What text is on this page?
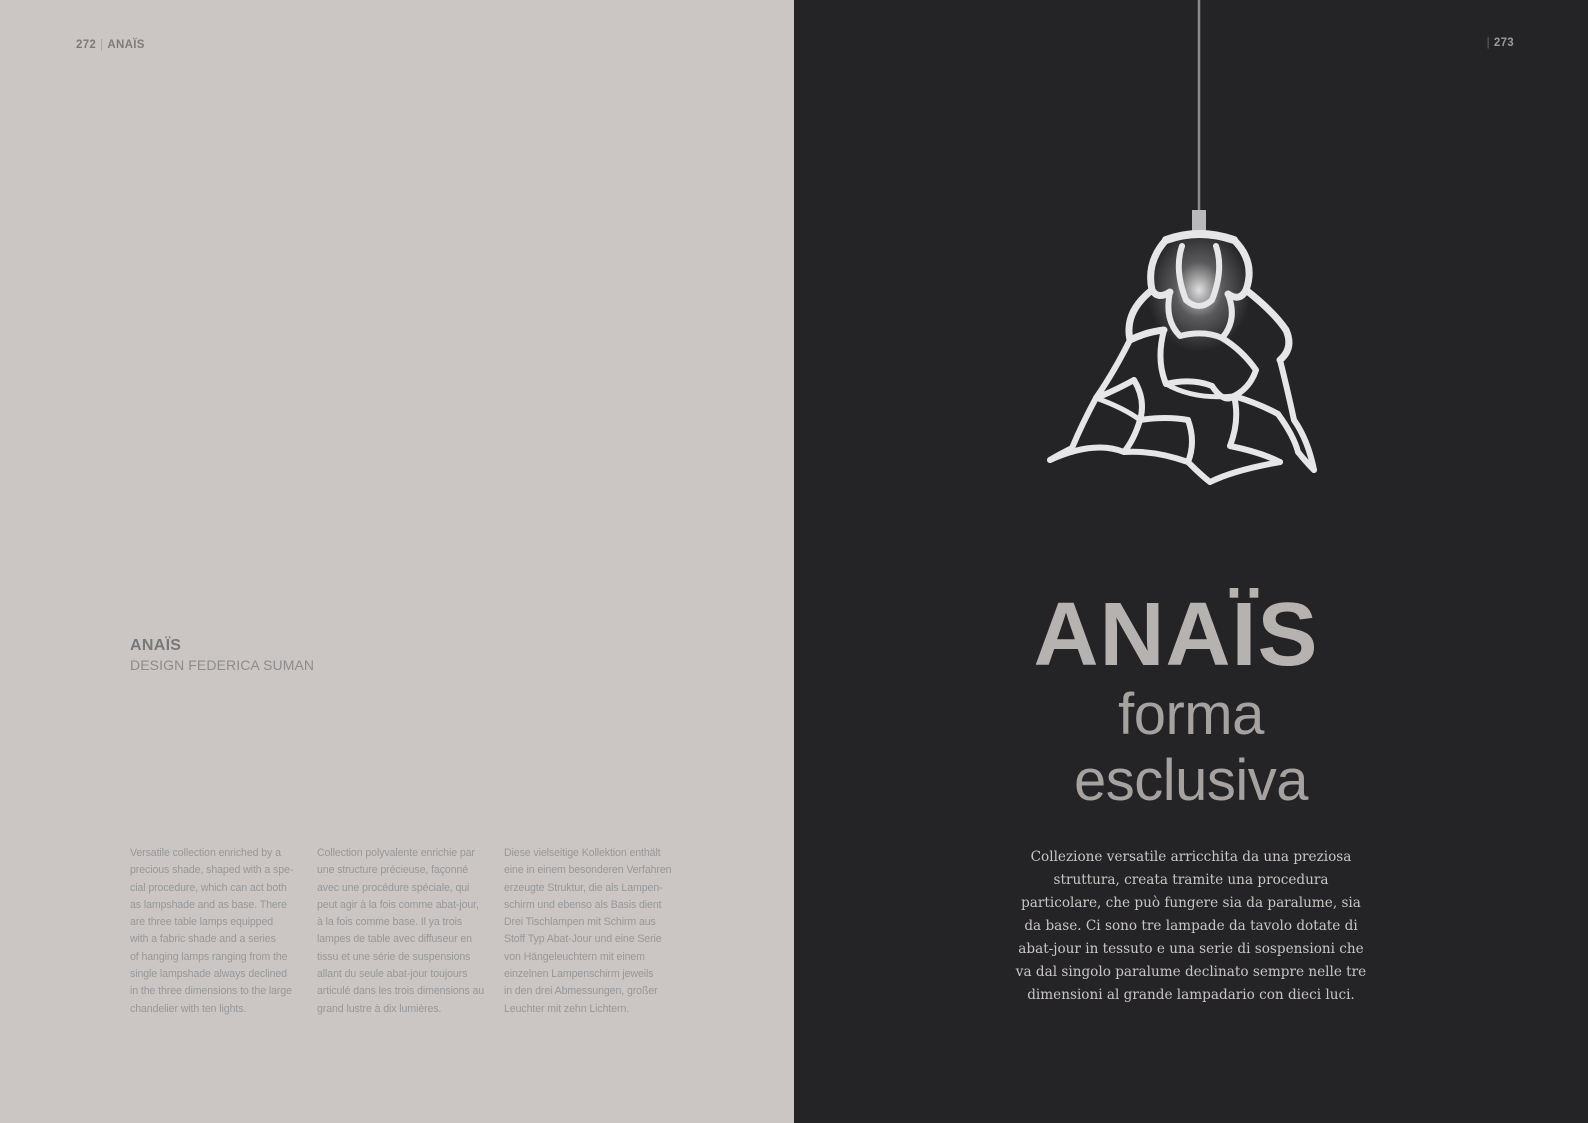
272 | ANAÏS
ANAÏS
DESIGN FEDERICA SUMAN
Versatile collection enriched by a
precious shade, shaped with a spe-
cial procedure, which can act both
as lampshade and as base. There
are three table lamps equipped
with a fabric shade and a series
of hanging lamps ranging from the
single lampshade always declined
in the three dimensions to the large
chandelier with ten lights.
Collection polyvalente enrichie par
une structure précieuse, façonné
avec une procédure spéciale, qui
peut agir à la fois comme abat-jour,
à la fois comme base. Il ya trois
lampes de table avec diffuseur en
tissu et une série de suspensions
allant du seule abat-jour toujours
articulé dans les trois dimensions au
grand lustre à dix lumières.
Diese vielseitige Kollektion enthält
eine in einem besonderen Verfahren
erzeugte Struktur, die als Lampen-
schirm und ebenso als Basis dient
Drei Tischlampen mit Schirm aus
Stoff Typ Abat-Jour und eine Serie
von Hängeleuchtern mit einem
einzelnen Lampenschirm jeweils
in den drei Abmessungen, großer
Leuchter mit zehn Lichtern.
| 273
ANAÏS
forma
esclusiva
Collezione versatile arricchita da una preziosa
struttura, creata tramite una procedura
particolare, che può fungere sia da paralume, sia
da base. Ci sono tre lampade da tavolo dotate di
abat-jour in tessuto e una serie di sospensioni che
va dal singolo paralume declinato sempre nelle tre
dimensioni al grande lampadario con dieci luci.
